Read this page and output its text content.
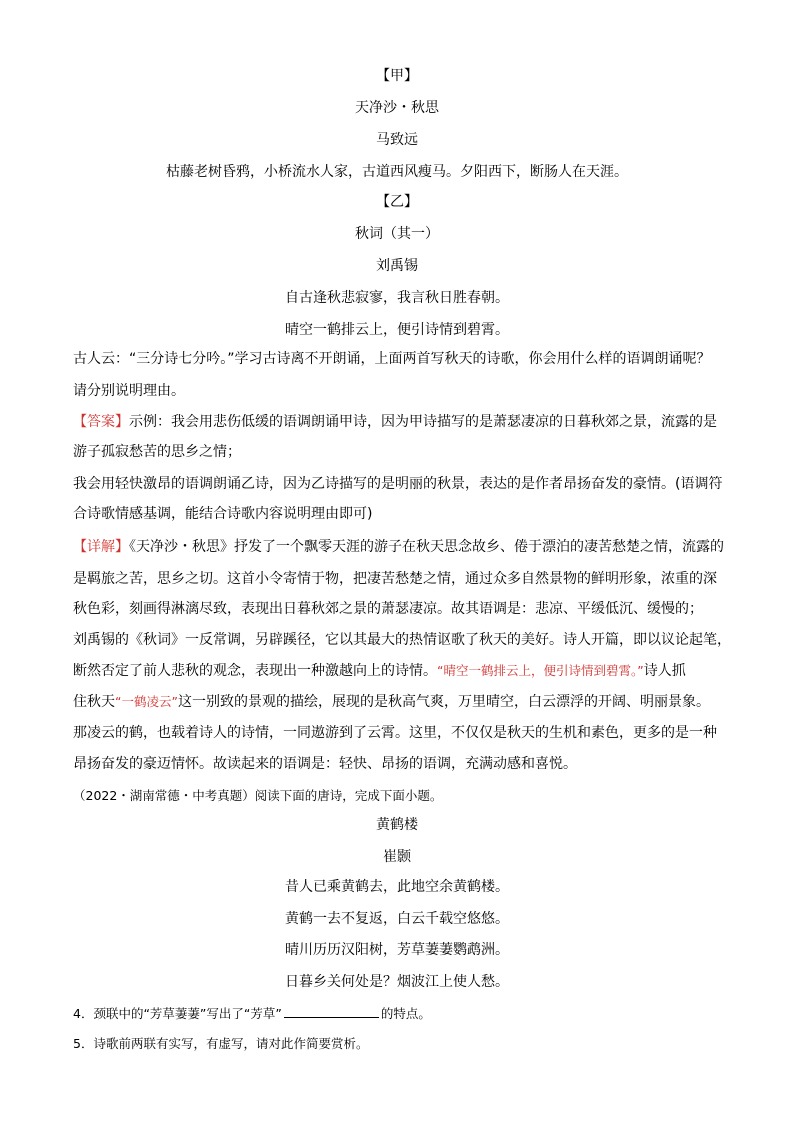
【甲】
天净沙・秋思
马致远
枯藤老树昏鸦，小桥流水人家，古道西风瘦马。夕阳西下，断肠人在天涯。
【乙】
秋词（其一）
刘禹锡
自古逢秋悲寂寥，我言秋日胜春朝。
晴空一鹤排云上，便引诗情到碧霄。
古人云：“三分诗七分吟。”学习古诗离不开朗诵，上面两首写秋天的诗歌，你会用什么样的语调朗诵呢？
请分别说明理由。
【答案】示例：我会用悲伤低缓的语调朗诵甲诗，因为甲诗描写的是萧瑟凄凉的日暮秋郊之景，流露的是
游子孤寂愁苦的思乡之情；
我会用轻快激昂的语调朗诵乙诗，因为乙诗描写的是明丽的秋景，表达的是作者昂扬奋发的豪情。(语调符
合诗歌情感基调，能结合诗歌内容说明理由即可)
【详解】《天净沙・秋思》抒发了一个飘零天涯的游子在秋天思念故乡、倦于漂泊的凄苦愁楚之情，流露的
是羁旅之苦，思乡之切。这首小令寄情于物，把凄苦愁楚之情，通过众多自然景物的鲜明形象，浓重的深
秋色彩，刻画得淋漓尽致，表现出日暮秋郊之景的萧瑟凄凉。故其语调是：悲凉、平缓低沉、缓慢的；
刘禹锡的《秋词》一反常调，另辟蹊径，它以其最大的热情讴歌了秋天的美好。诗人开篇，即以议论起笔，
断然否定了前人悲秋的观念，表现出一种激越向上的诗情。“晴空一鹤排云上，便引诗情到碧霄。”诗人抓
住秋天“一鹤凌云”这一别致的景观的描绘，展现的是秋高气爽，万里晴空，白云漂浮的开阔、明丽景象。
那凌云的鹤，也载着诗人的诗情，一同遨游到了云霄。这里，不仅仅是秋天的生机和素色，更多的是一种
昂扬奋发的豪迈情怀。故读起来的语调是：轻快、昂扬的语调，充满动感和喜悦。
（2022・湖南常德・中考真题）阅读下面的唐诗，完成下面小题。
黄鹤楼
崔颢
昔人已乘黄鹤去，此地空余黄鹤楼。
黄鹤一去不复返，白云千载空悠悠。
晴川历历汉阳树，芳草萋萋鹦鹉洲。
日暮乡关何处是？烟波江上使人愁。
4．颈联中的“芳草萋萋”写出了“芳草”	的特点。
5．诗歌前两联有实写，有虚写，请对此作简要赏析。
